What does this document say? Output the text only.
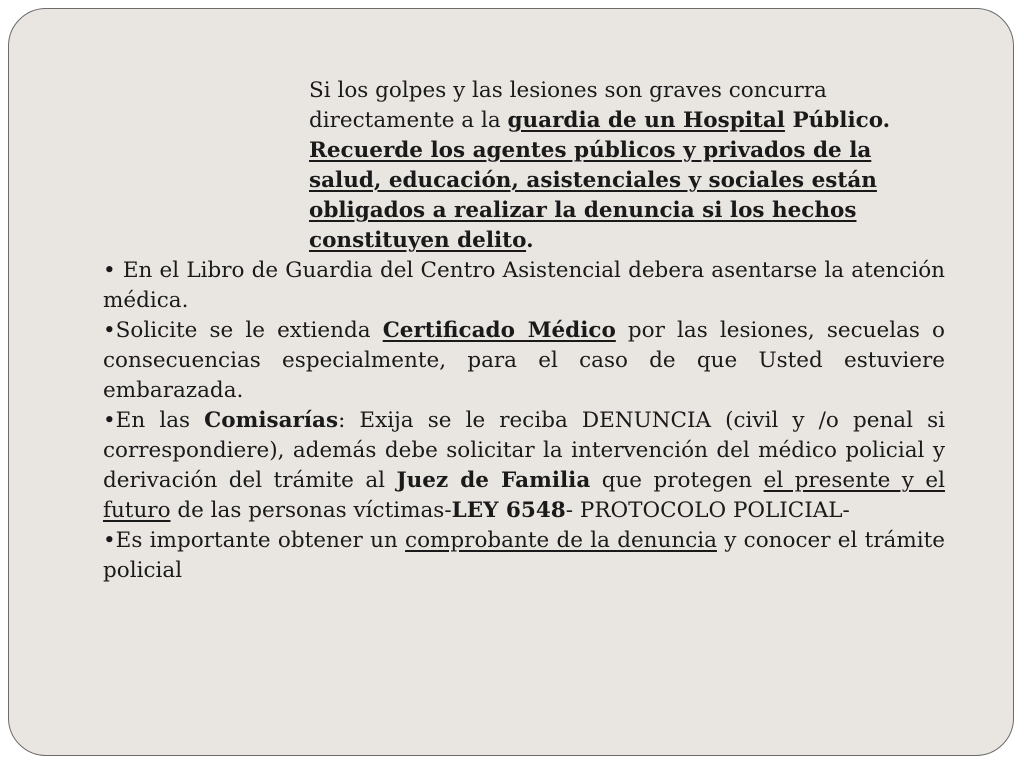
Si los golpes y las lesiones son graves concurra directamente a la guardia de un Hospital Público.
Recuerde los agentes públicos y privados de la salud, educación, asistenciales y sociales están obligados a realizar la denuncia si los hechos constituyen delito.

• En el Libro de Guardia del Centro Asistencial debera asentarse la atención médica.

•Solicite se le extienda Certificado Médico por las lesiones, secuelas o consecuencias especialmente, para el caso de que Usted estuviere embarazada.

•En las Comisarías: Exija se le reciba DENUNCIA (civil y /o penal si correspondiere), además debe solicitar la intervención del médico policial y derivación del trámite al Juez de Familia que protegen el presente y el futuro de las personas víctimas-LEY 6548- PROTOCOLO POLICIAL-

•Es importante obtener un comprobante de la denuncia y conocer el trámite policial
